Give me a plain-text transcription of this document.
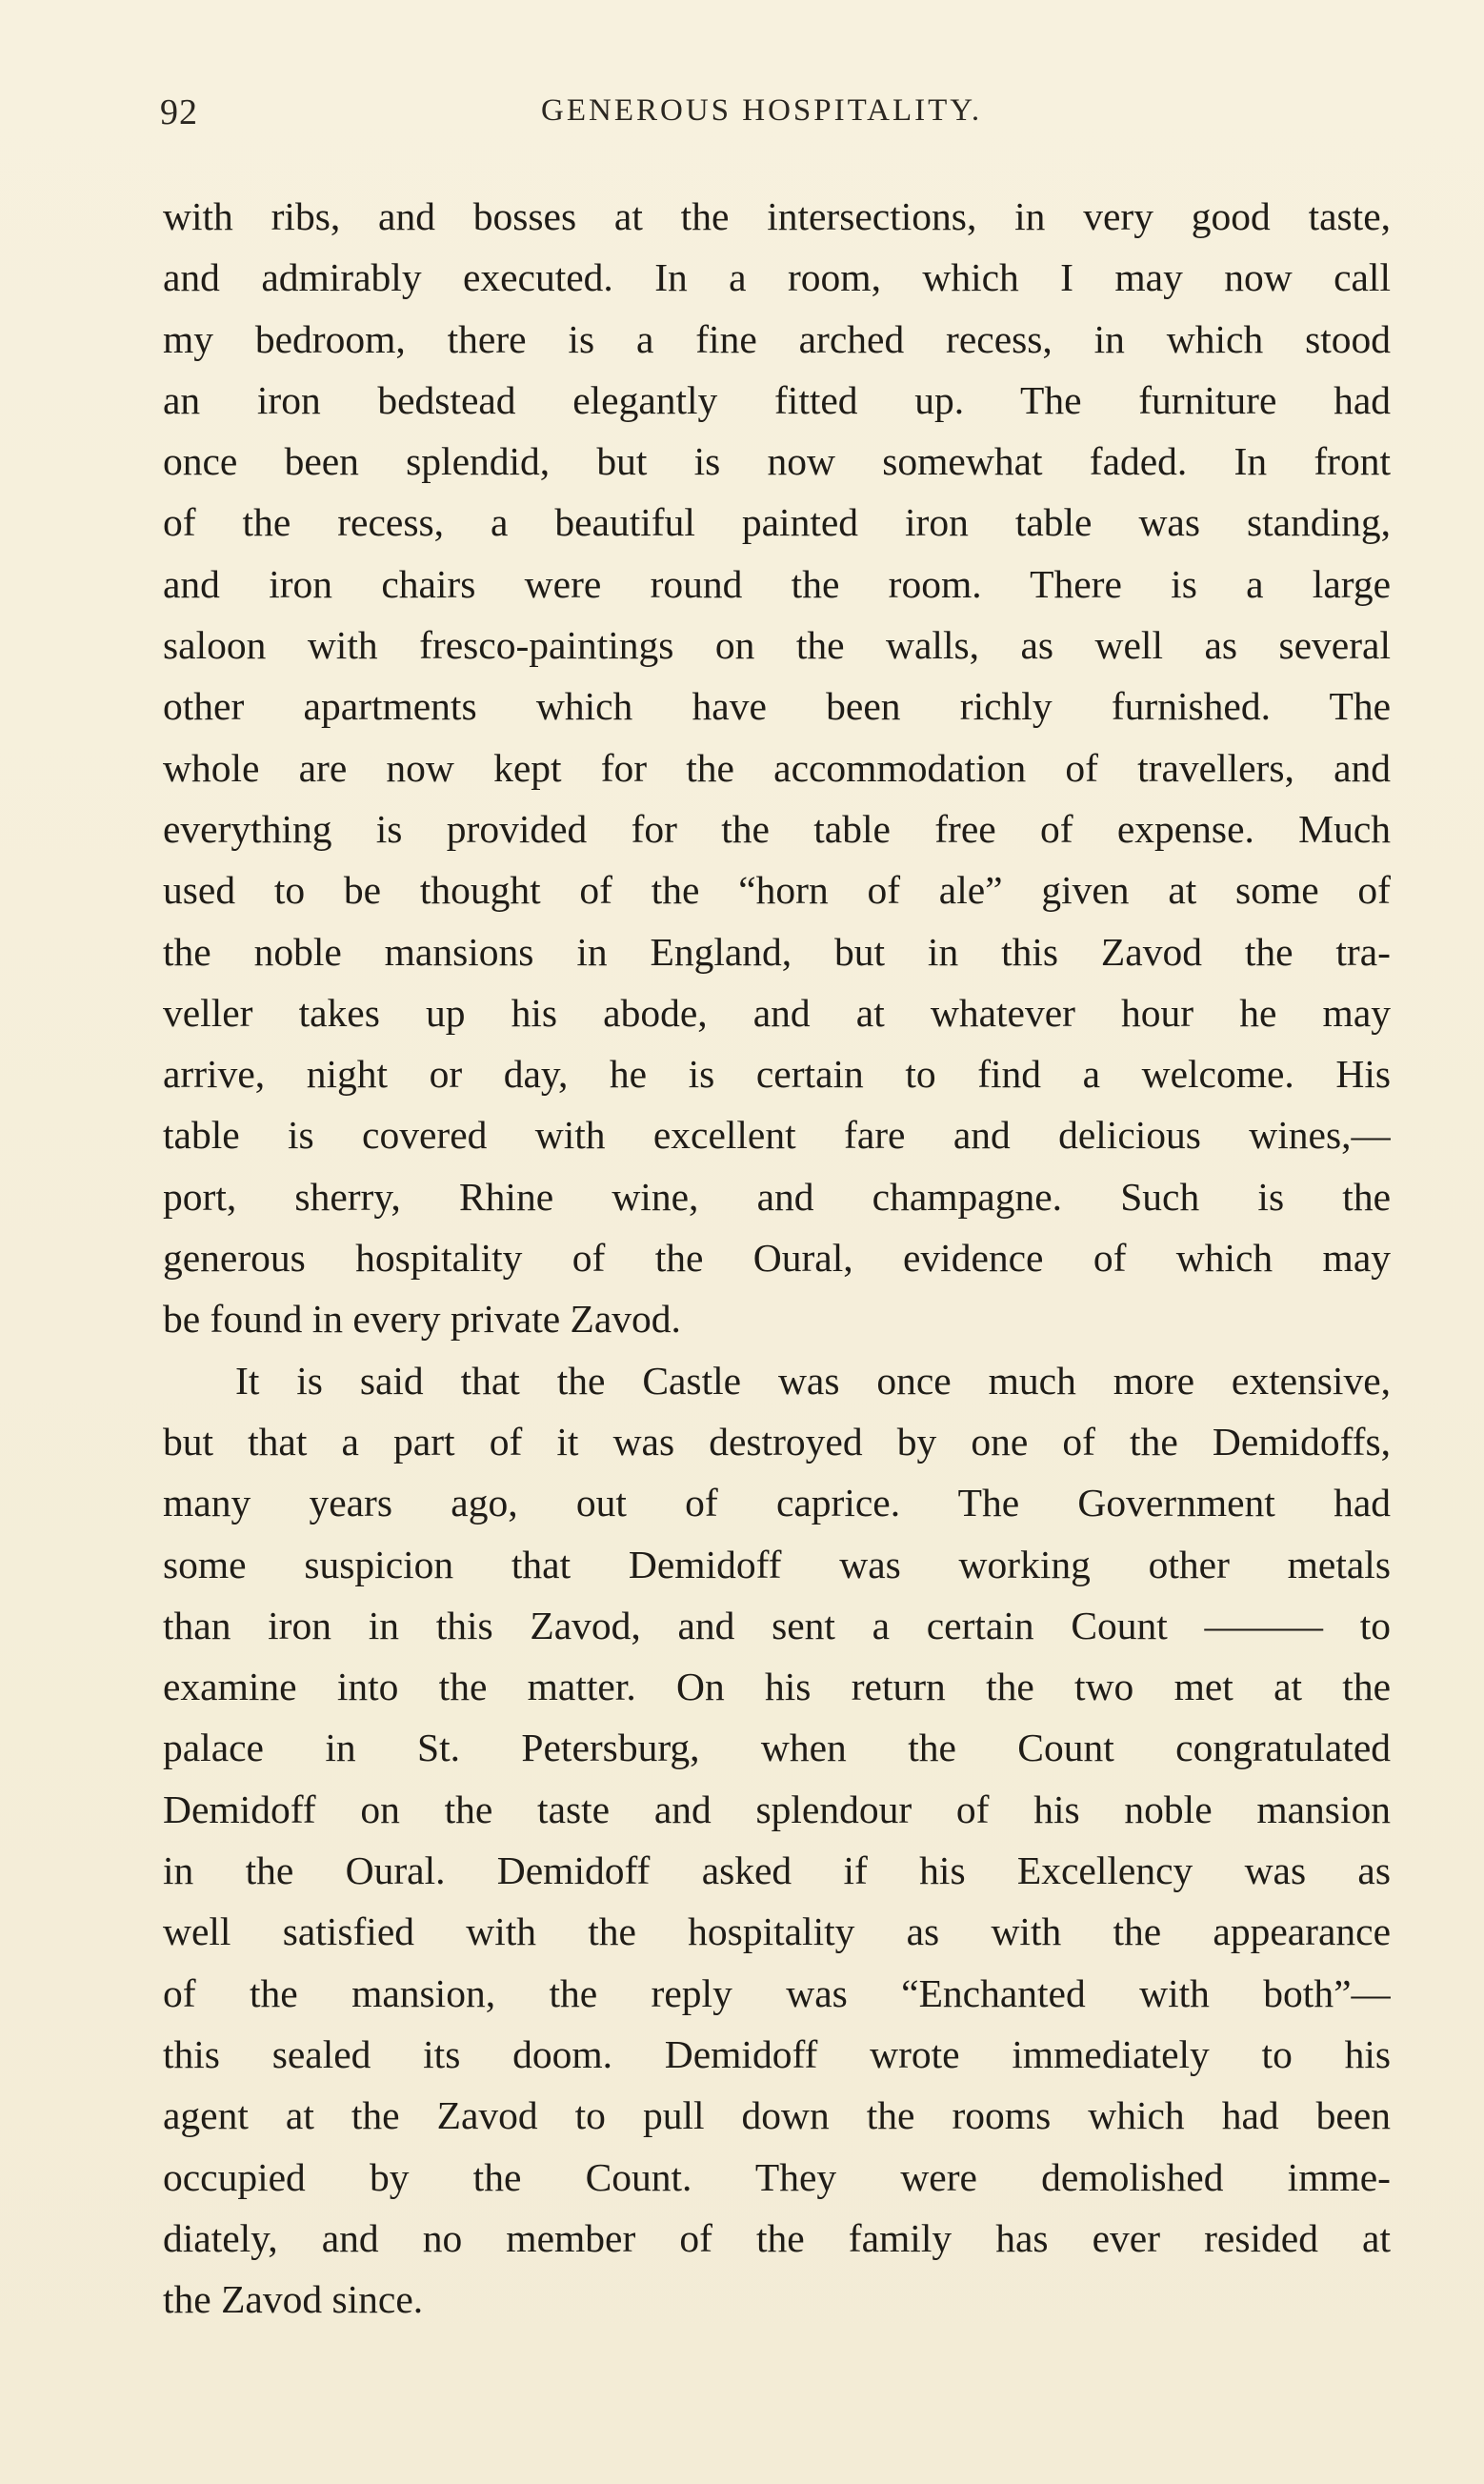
92	GENEROUS HOSPITALITY.
with ribs, and bosses at the intersections, in very good taste,
and admirably executed. In a room, which I may now call
my bedroom, there is a fine arched recess, in which stood
an iron bedstead elegantly fitted up. The furniture had
once been splendid, but is now somewhat faded. In front
of the recess, a beautiful painted iron table was standing,
and iron chairs were round the room. There is a large
saloon with fresco-paintings on the walls, as well as several
other apartments which have been richly furnished. The
whole are now kept for the accommodation of travellers, and
everything is provided for the table free of expense. Much
used to be thought of the “horn of ale” given at some of
the noble mansions in England, but in this Zavod the tra-
veller takes up his abode, and at whatever hour he may
arrive, night or day, he is certain to find a welcome. His
table is covered with excellent fare and delicious wines,—
port, sherry, Rhine wine, and champagne. Such is the
generous hospitality of the Oural, evidence of which may
be found in every private Zavod.
It is said that the Castle was once much more extensive,
but that a part of it was destroyed by one of the Demidoffs,
many years ago, out of caprice. The Government had
some suspicion that Demidoff was working other metals
than iron in this Zavod, and sent a certain Count ——— to
examine into the matter. On his return the two met at the
palace in St. Petersburg, when the Count congratulated
Demidoff on the taste and splendour of his noble mansion
in the Oural. Demidoff asked if his Excellency was as
well satisfied with the hospitality as with the appearance
of the mansion, the reply was “Enchanted with both”—
this sealed its doom. Demidoff wrote immediately to his
agent at the Zavod to pull down the rooms which had been
occupied by the Count. They were demolished imme-
diately, and no member of the family has ever resided at
the Zavod since.
